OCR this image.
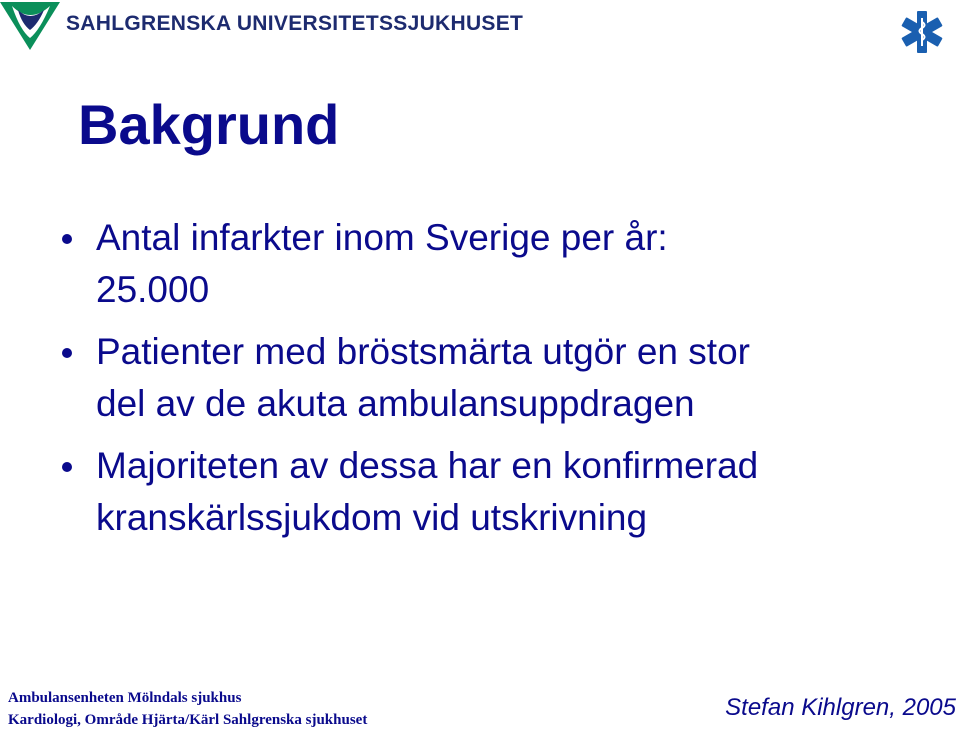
SAHLGRENSKA UNIVERSITETSSJUKHUSET
Bakgrund
Antal infarkter inom Sverige per år:
25.000
Patienter med bröstsmärta utgör en stor
del av de akuta ambulansuppdragen
Majoriteten av dessa har en konfirmerad
kranskärlssjukdom vid utskrivning
Ambulansenheten Mölndals sjukhus
Kardiologi, Område Hjärta/Kärl Sahlgrenska sjukhuset	Stefan Kihlgren, 2005
